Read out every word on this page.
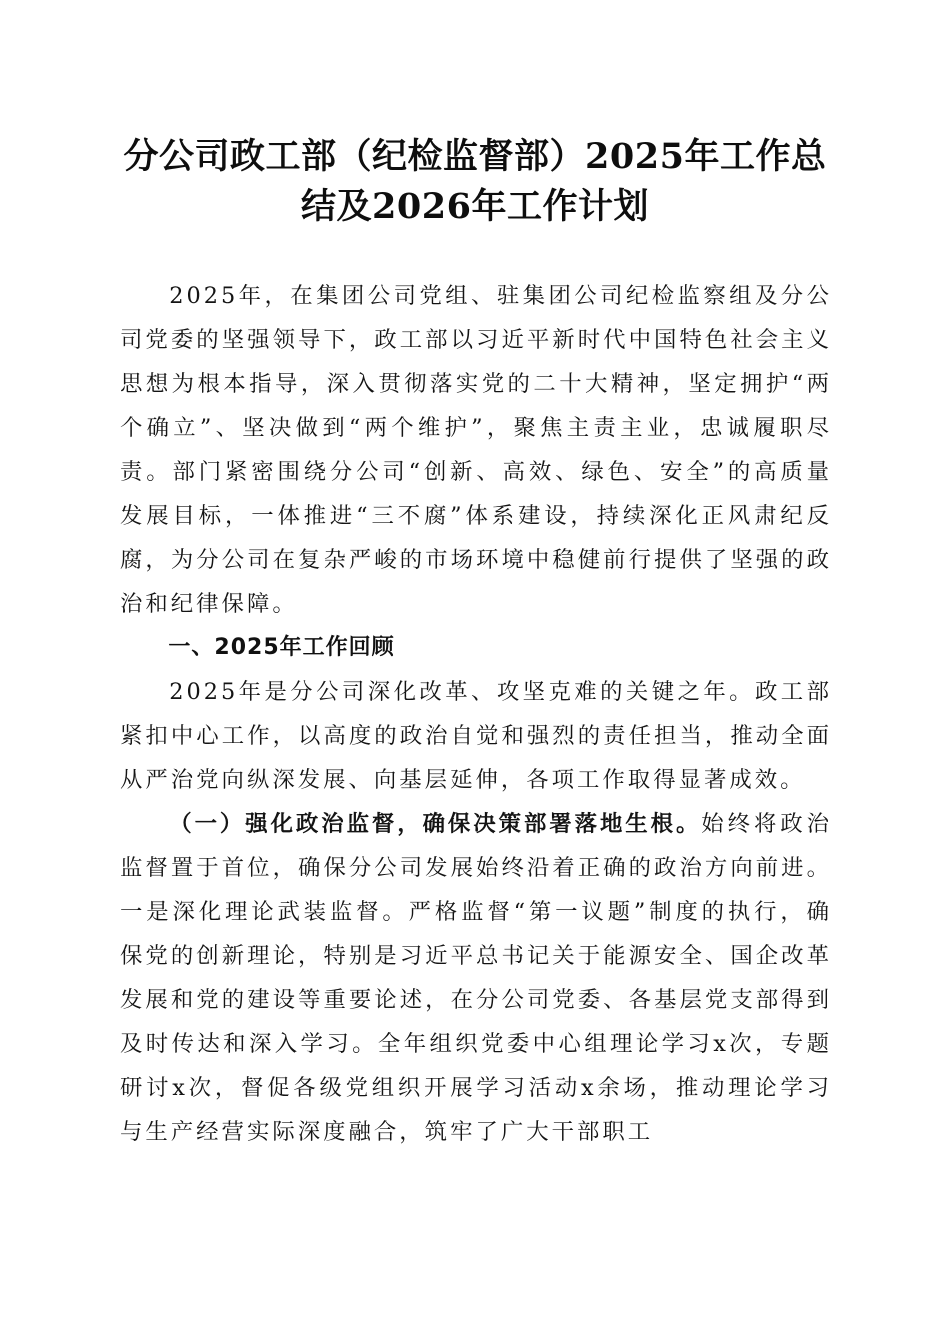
分公司政工部（纪检监督部）2025年工作总
结及2026年工作计划

2025年，在集团公司党组、驻集团公司纪检监察组及分公司党委的坚强领导下，政工部以习近平新时代中国特色社会主义思想为根本指导，深入贯彻落实党的二十大精神，坚定拥护“两个确立”、坚决做到“两个维护”，聚焦主责主业，忠诚履职尽责。部门紧密围绕分公司“创新、高效、绿色、安全”的高质量发展目标，一体推进“三不腐”体系建设，持续深化正风肃纪反腐，为分公司在复杂严峻的市场环境中稳健前行提供了坚强的政治和纪律保障。

一、2025年工作回顾

2025年是分公司深化改革、攻坚克难的关键之年。政工部紧扣中心工作，以高度的政治自觉和强烈的责任担当，推动全面从严治党向纵深发展、向基层延伸，各项工作取得显著成效。

（一）强化政治监督，确保决策部署落地生根。始终将政治监督置于首位，确保分公司发展始终沿着正确的政治方向前进。一是深化理论武装监督。严格监督“第一议题”制度的执行，确保党的创新理论，特别是习近平总书记关于能源安全、国企改革发展和党的建设等重要论述，在分公司党委、各基层党支部得到及时传达和深入学习。全年组织党委中心组理论学习x次，专题研讨x次，督促各级党组织开展学习活动x余场，推动理论学习与生产经营实际深度融合，筑牢了广大干部职工
